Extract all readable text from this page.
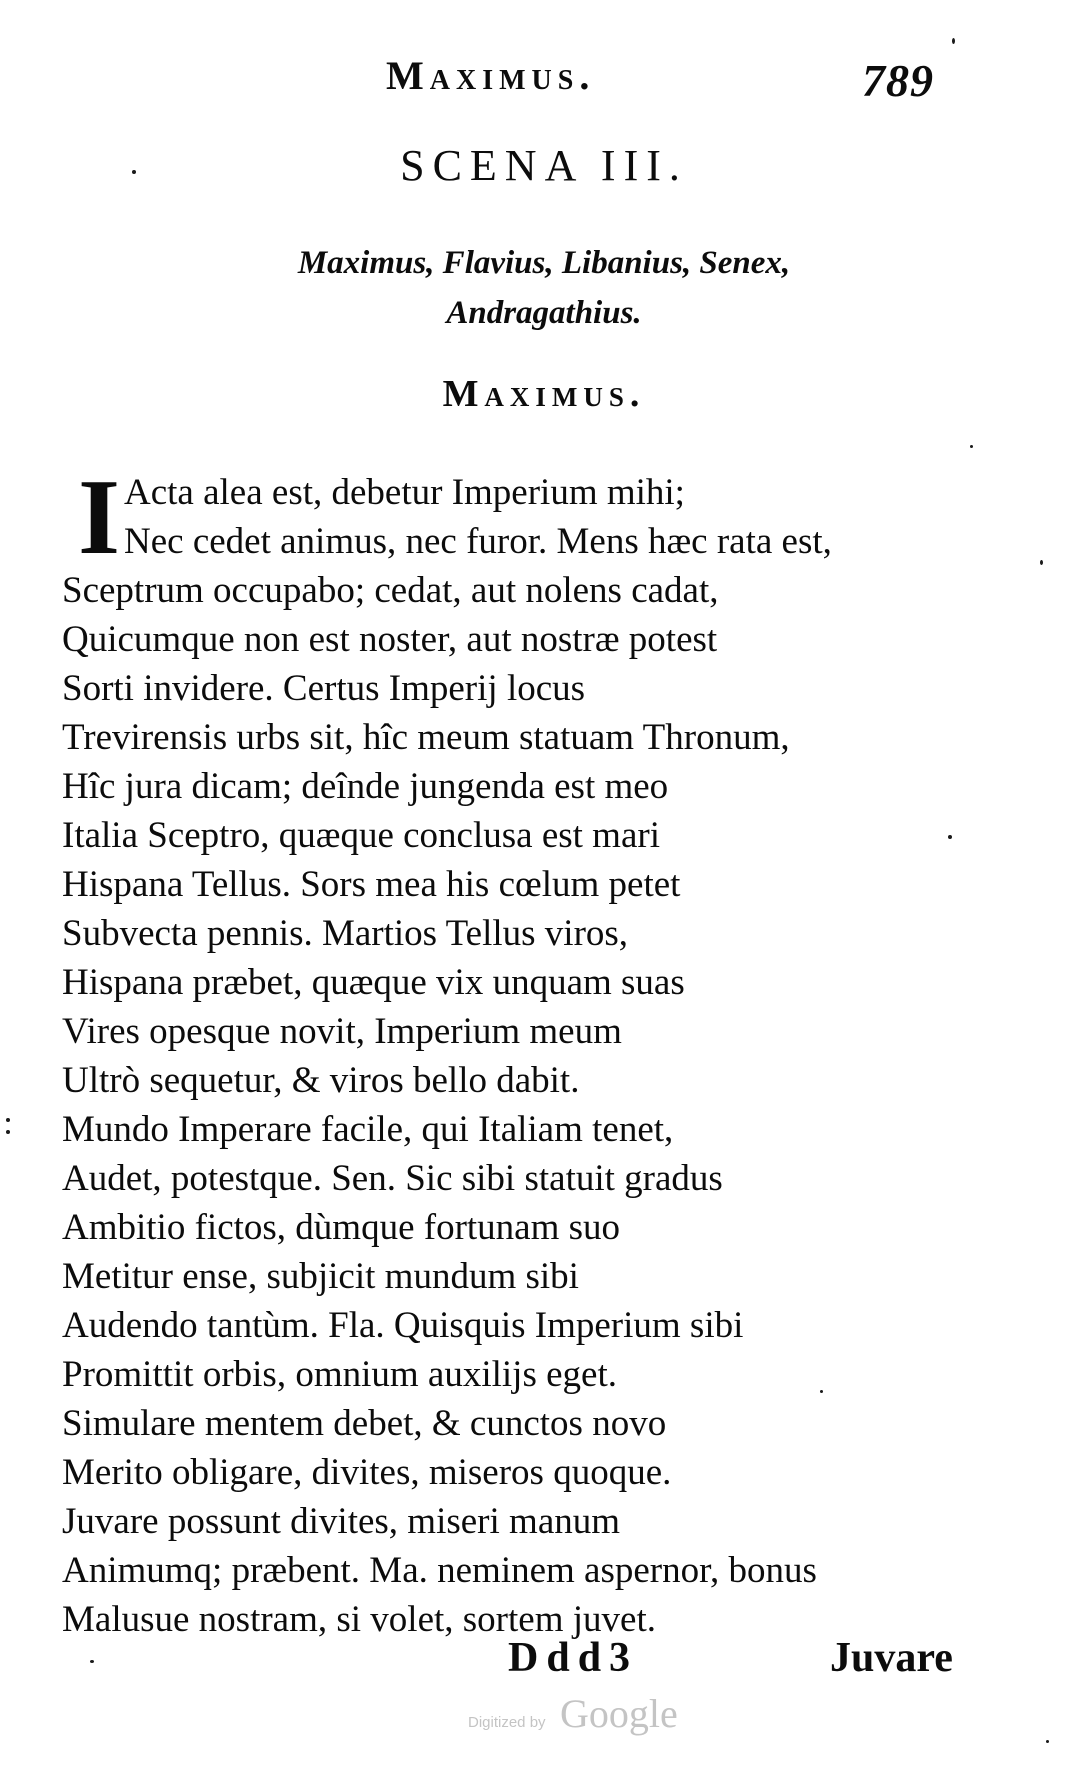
Maximus.	789
SCENA III.
Maximus, Flavius, Libanius, Senex,
Andragathius.
Maximus.
I Acta alea est, debetur Imperium mihi;
Nec cedet animus, nec furor. Mens hæc rata est,
Sceptrum occupabo; cedat, aut nolens cadat,
Quicumque non est noster, aut nostræ potest
Sorti invidere. Certus Imperij locus
Trevirensis urbs sit, hîc meum statuam Thronum,
Hîc jura dicam; deînde jungenda est meo
Italia Sceptro, quæque conclusa est mari
Hispana Tellus. Sors mea his cœlum petet
Subvecta pennis. Martios Tellus viros,
Hispana præbet, quæque vix unquam suas
Vires opesque novit, Imperium meum
Ultrò sequetur, & viros bello dabit.
Mundo Imperare facile, qui Italiam tenet,
Audet, potestque. Sen. Sic sibi statuit gradus
Ambitio fictos, dùmque fortunam suo
Metitur ense, subjicit mundum sibi
Audendo tantùm. Fla. Quisquis Imperium sibi
Promittit orbis, omnium auxilijs eget.
Simulare mentem debet, & cunctos novo
Merito obligare, divites, miseros quoque.
Juvare possunt divites, miseri manum
Animumq; præbent. Ma. neminem aspernor, bonus
Malusue nostram, si volet, sortem juvet.
Ddd3	Juvare
Digitized by Google
